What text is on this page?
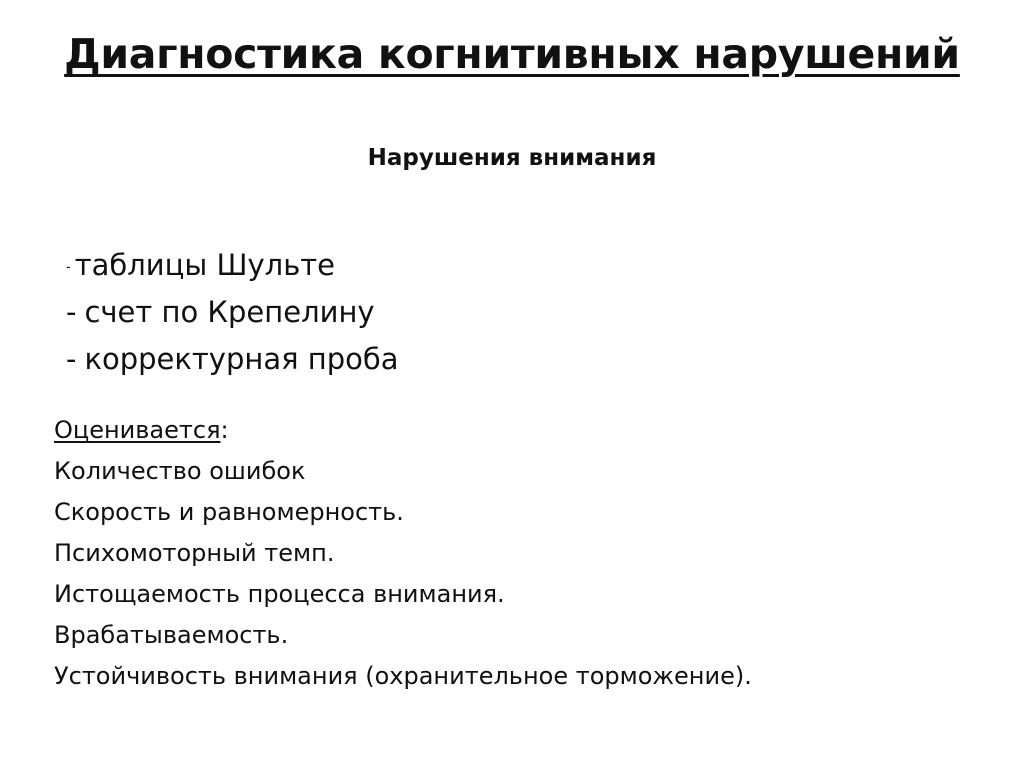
Диагностика когнитивных нарушений
Нарушения внимания
- таблицы Шульте
- счет по Крепелину
- корректурная проба
Оценивается:
Количество ошибок
Скорость и равномерность.
Психомоторный темп.
Истощаемость процесса внимания.
Врабатываемость.
Устойчивость внимания (охранительное торможение).
